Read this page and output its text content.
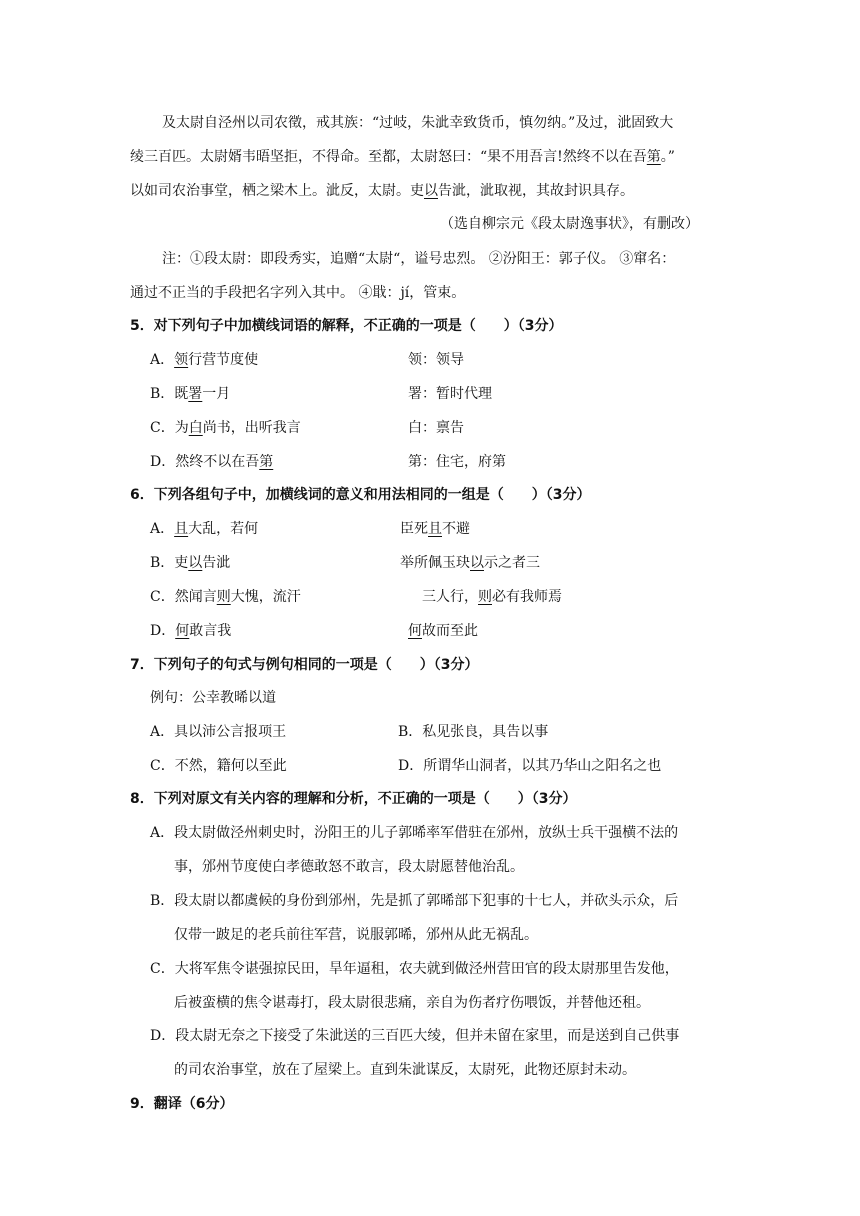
及太尉自泾州以司农徵，戒其族：“过岐，朱泚幸致货币，慎勿纳。”及过，泚固致大
绫三百匹。太尉婿韦晤坚拒，不得命。至都，太尉怒曰：“果不用吾言!然终不以在吾第。”
以如司农治事堂，栖之梁木上。泚反，太尉。吏以告泚，泚取视，其故封识具存。
（选自柳宗元《段太尉逸事状》，有删改）
注：①段太尉：即段秀实，追赠“太尉“，谥号忠烈。 ②汾阳王：郭子仪。 ③窜名：
通过不正当的手段把名字列入其中。 ④戢：jí，管束。
5．对下列句子中加横线词语的解释，不正确的一项是（　　）（3分）
A．领行营节度使	领：领导
B．既署一月	署：暂时代理
C．为白尚书，出听我言	白：禀告
D．然终不以在吾第	第：住宅，府第
6．下列各组句子中，加横线词的意义和用法相同的一组是（　　）（3分）
A．且大乱，若何	臣死且不避
B．吏以告泚	举所佩玉玦以示之者三
C．然闻言则大愧，流汗	三人行，则必有我师焉
D．何敢言我	何故而至此
7．下列句子的句式与例句相同的一项是（　　）（3分）
例句：公幸教晞以道
A．具以沛公言报项王	B．私见张良，具告以事
C．不然，籍何以至此	D．所谓华山洞者，以其乃华山之阳名之也
8．下列对原文有关内容的理解和分析，不正确的一项是（　　）（3分）
A．段太尉做泾州刺史时，汾阳王的儿子郭晞率军借驻在邠州，放纵士兵干强横不法的
事，邠州节度使白孝德敢怒不敢言，段太尉愿替他治乱。
B．段太尉以都虞候的身份到邠州，先是抓了郭晞部下犯事的十七人，并砍头示众，后
仅带一跛足的老兵前往军营，说服郭晞，邠州从此无祸乱。
C．大将军焦令谌强掠民田，旱年逼租，农夫就到做泾州营田官的段太尉那里告发他，
后被蛮横的焦令谌毒打，段太尉很悲痛，亲自为伤者疗伤喂饭，并替他还租。
D．段太尉无奈之下接受了朱泚送的三百匹大绫，但并未留在家里，而是送到自己供事
的司农治事堂，放在了屋梁上。直到朱泚谋反，太尉死，此物还原封未动。
9．翻译（6分）
